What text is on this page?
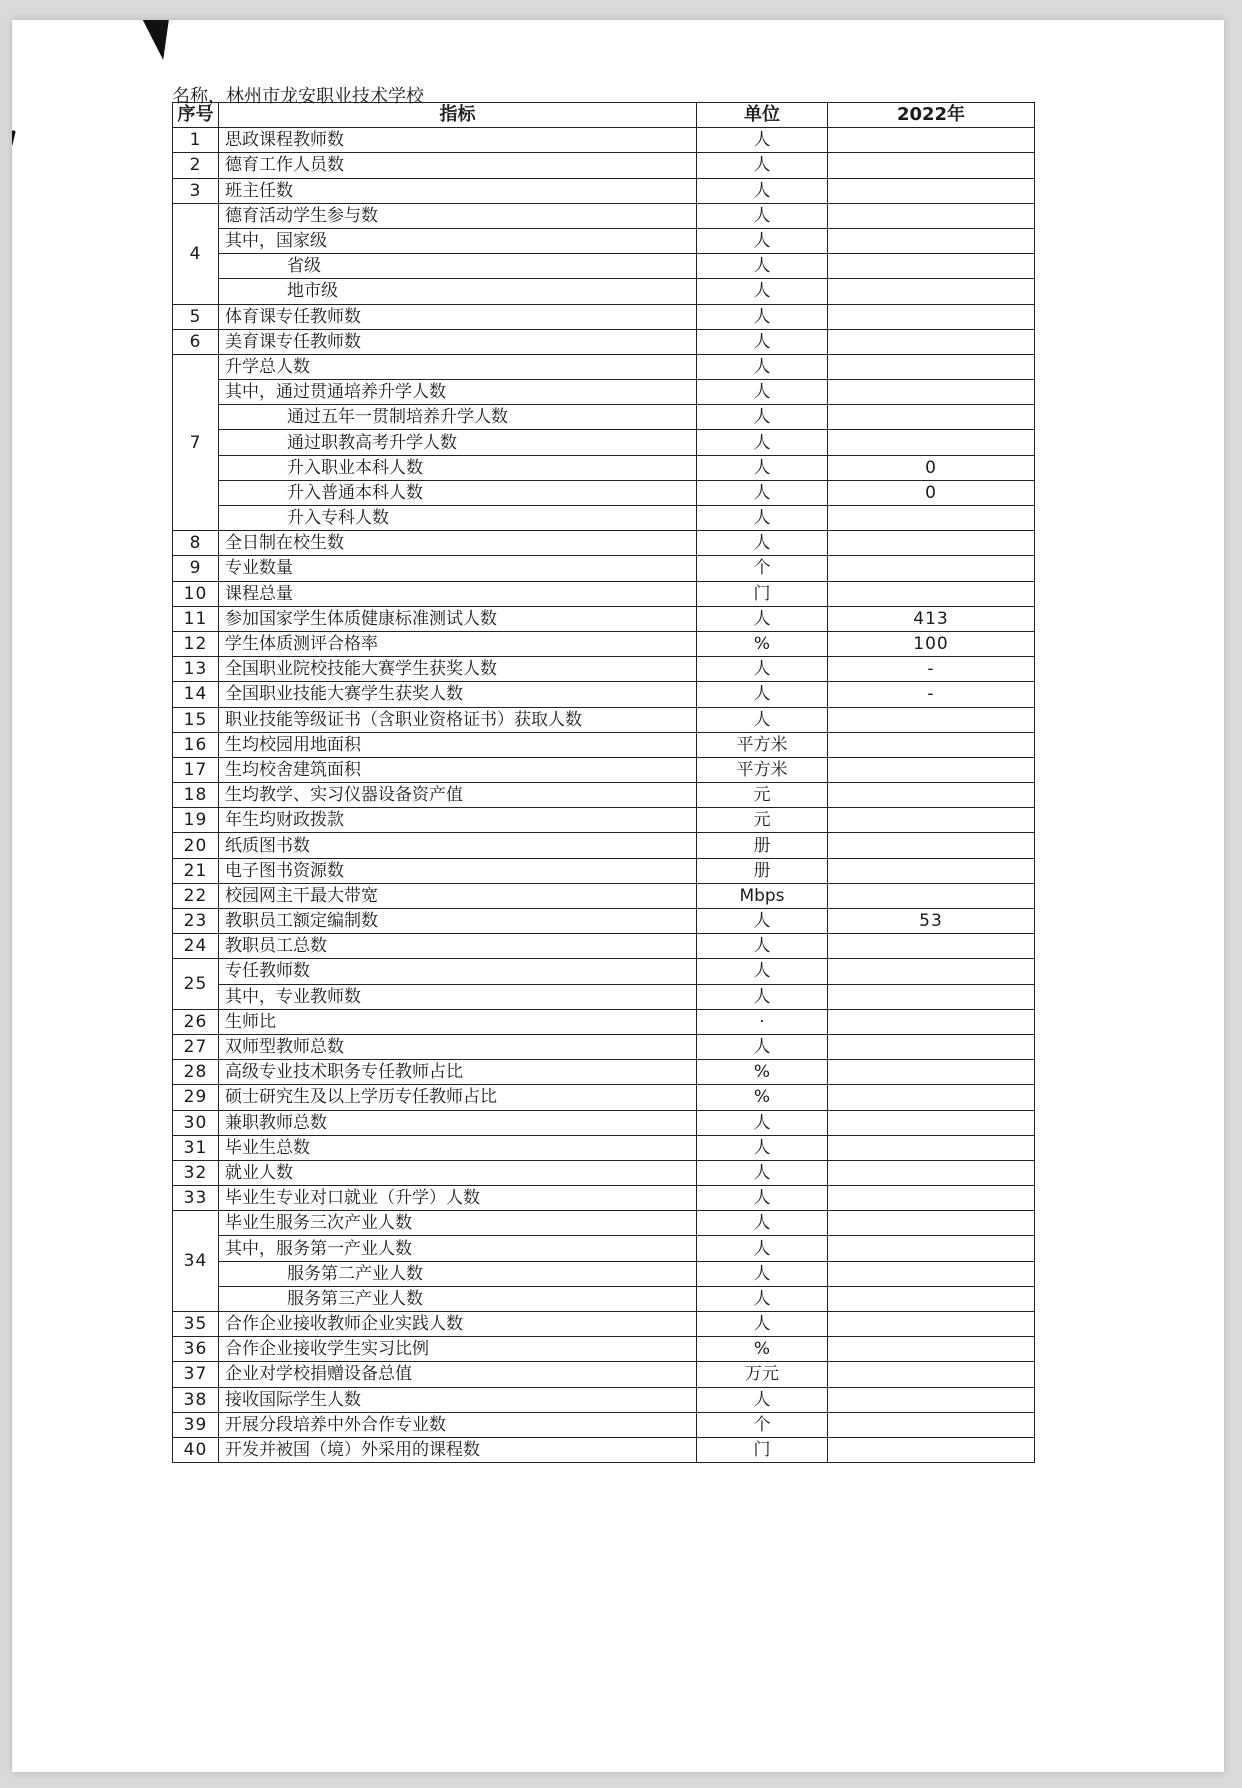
名称，林州市龙安职业技术学校
序号	指标	单位	2022年
1	思政课程教师数	人	
2	德育工作人员数	人	
3	班主任数	人	
4	德育活动学生参与数	人	
	其中，国家级	人	
	省级	人	
	地市级	人	
5	体育课专任教师数	人	
6	美育课专任教师数	人	
7	升学总人数	人	
	其中，通过贯通培养升学人数	人	
	通过五年一贯制培养升学人数	人	
	通过职教高考升学人数	人	
	升入职业本科人数	人	0
	升入普通本科人数	人	0
	升入专科人数	人	
8	全日制在校生数	人	
9	专业数量	个	
10	课程总量	门	
11	参加国家学生体质健康标准测试人数	人	413
12	学生体质测评合格率	%	100
13	全国职业院校技能大赛学生获奖人数	人	-
14	全国职业技能大赛学生获奖人数	人	-
15	职业技能等级证书（含职业资格证书）获取人数	人	
16	生均校园用地面积	平方米	
17	生均校舍建筑面积	平方米	
18	生均教学、实习仪器设备资产值	元	
19	年生均财政拨款	元	
20	纸质图书数	册	
21	电子图书资源数	册	
22	校园网主干最大带宽	Mbps	
23	教职员工额定编制数	人	53
24	教职员工总数	人	
25	专任教师数	人	
	其中，专业教师数	人	
26	生师比	·	
27	双师型教师总数	人	
28	高级专业技术职务专任教师占比	%	
29	硕士研究生及以上学历专任教师占比	%	
30	兼职教师总数	人	
31	毕业生总数	人	
32	就业人数	人	
33	毕业生专业对口就业（升学）人数	人	
34	毕业生服务三次产业人数	人	
	其中，服务第一产业人数	人	
	服务第二产业人数	人	
	服务第三产业人数	人	
35	合作企业接收教师企业实践人数	人	
36	合作企业接收学生实习比例	%	
37	企业对学校捐赠设备总值	万元	
38	接收国际学生人数	人	
39	开展分段培养中外合作专业数	个	
40	开发并被国（境）外采用的课程数	门	
